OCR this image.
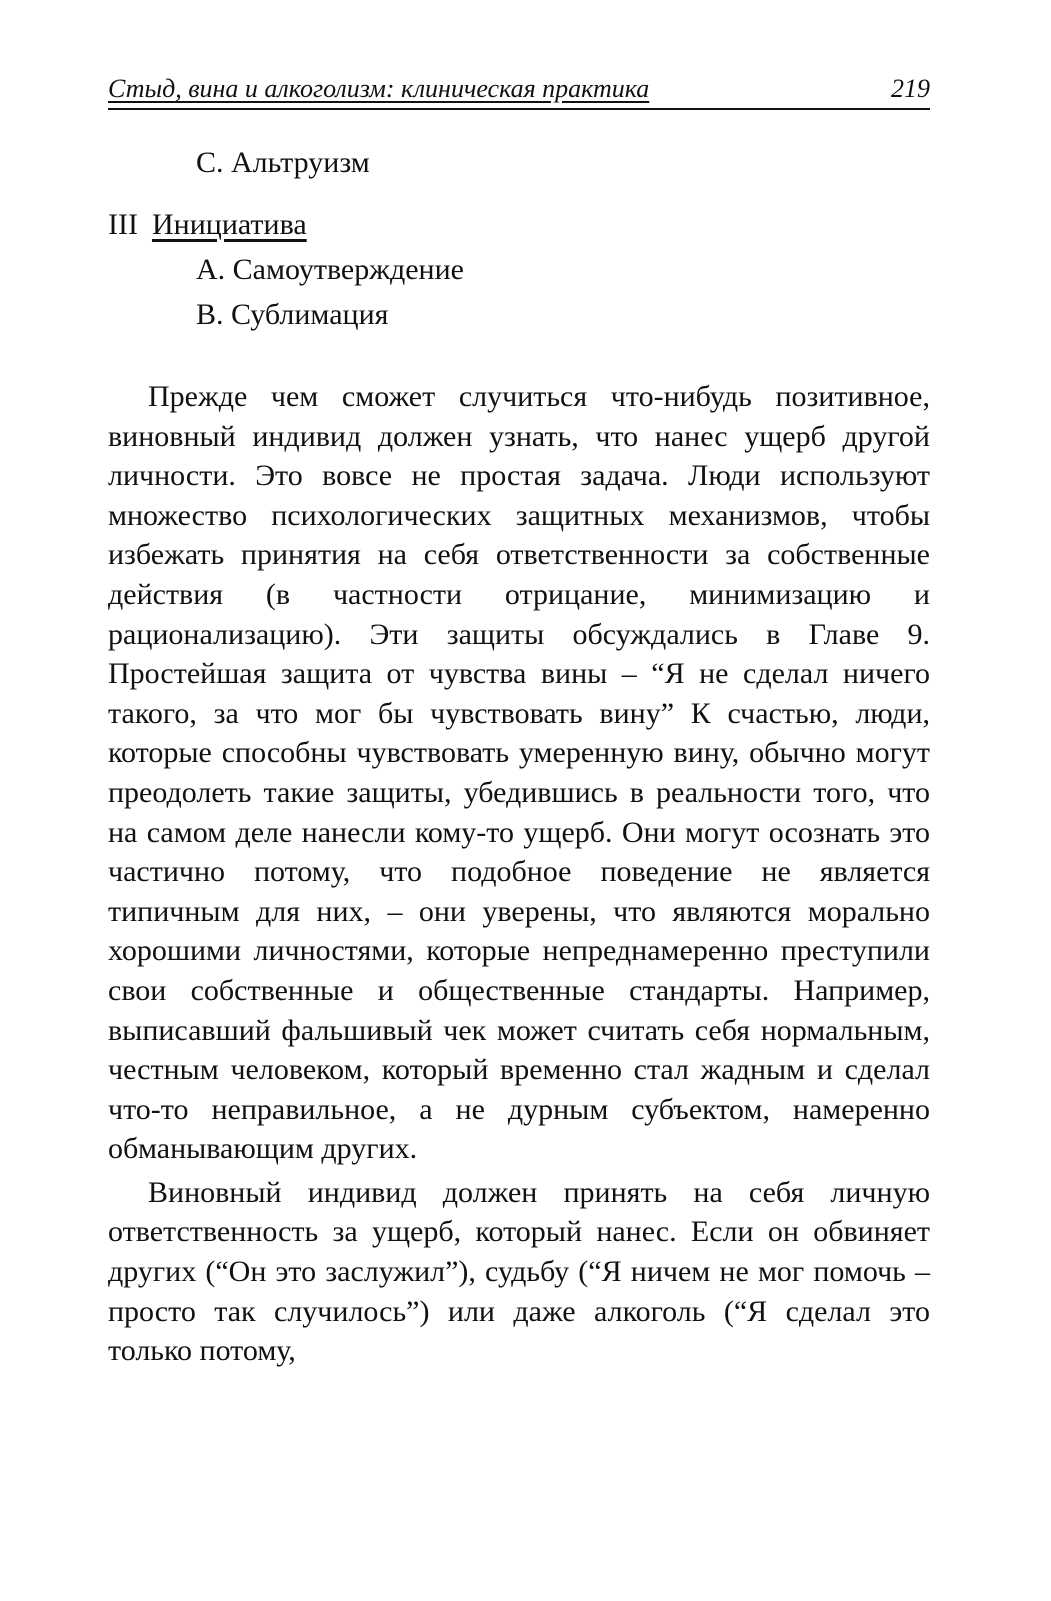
Стыд, вина и алкоголизм: клиническая практика	219
C. Альтруизм
III Инициатива
A. Самоутверждение
B. Сублимация

Прежде чем сможет случиться что-нибудь позитивное, виновный индивид должен узнать, что нанес ущерб другой личности. Это вовсе не простая задача. Люди используют множество психологических защитных механизмов, чтобы избежать принятия на себя ответственности за собственные действия (в частности отрицание, минимизацию и рационализацию). Эти защиты обсуждались в Главе 9. Простейшая защита от чувства вины – “Я не сделал ничего такого, за что мог бы чувствовать вину” К счастью, люди, которые способны чувствовать умеренную вину, обычно могут преодолеть такие защиты, убедившись в реальности того, что на самом деле нанесли кому-то ущерб. Они могут осознать это частично потому, что подобное поведение не является типичным для них, – они уверены, что являются морально хорошими личностями, которые непреднамеренно преступили свои собственные и общественные стандарты. Например, выписавший фальшивый чек может считать себя нормальным, честным человеком, который временно стал жадным и сделал что-то неправильное, а не дурным субъектом, намеренно обманывающим других.

Виновный индивид должен принять на себя личную ответственность за ущерб, который нанес. Если он обвиняет других (“Он это заслужил”), судьбу (“Я ничем не мог помочь – просто так случилось”) или даже алкоголь (“Я сделал это только потому,
